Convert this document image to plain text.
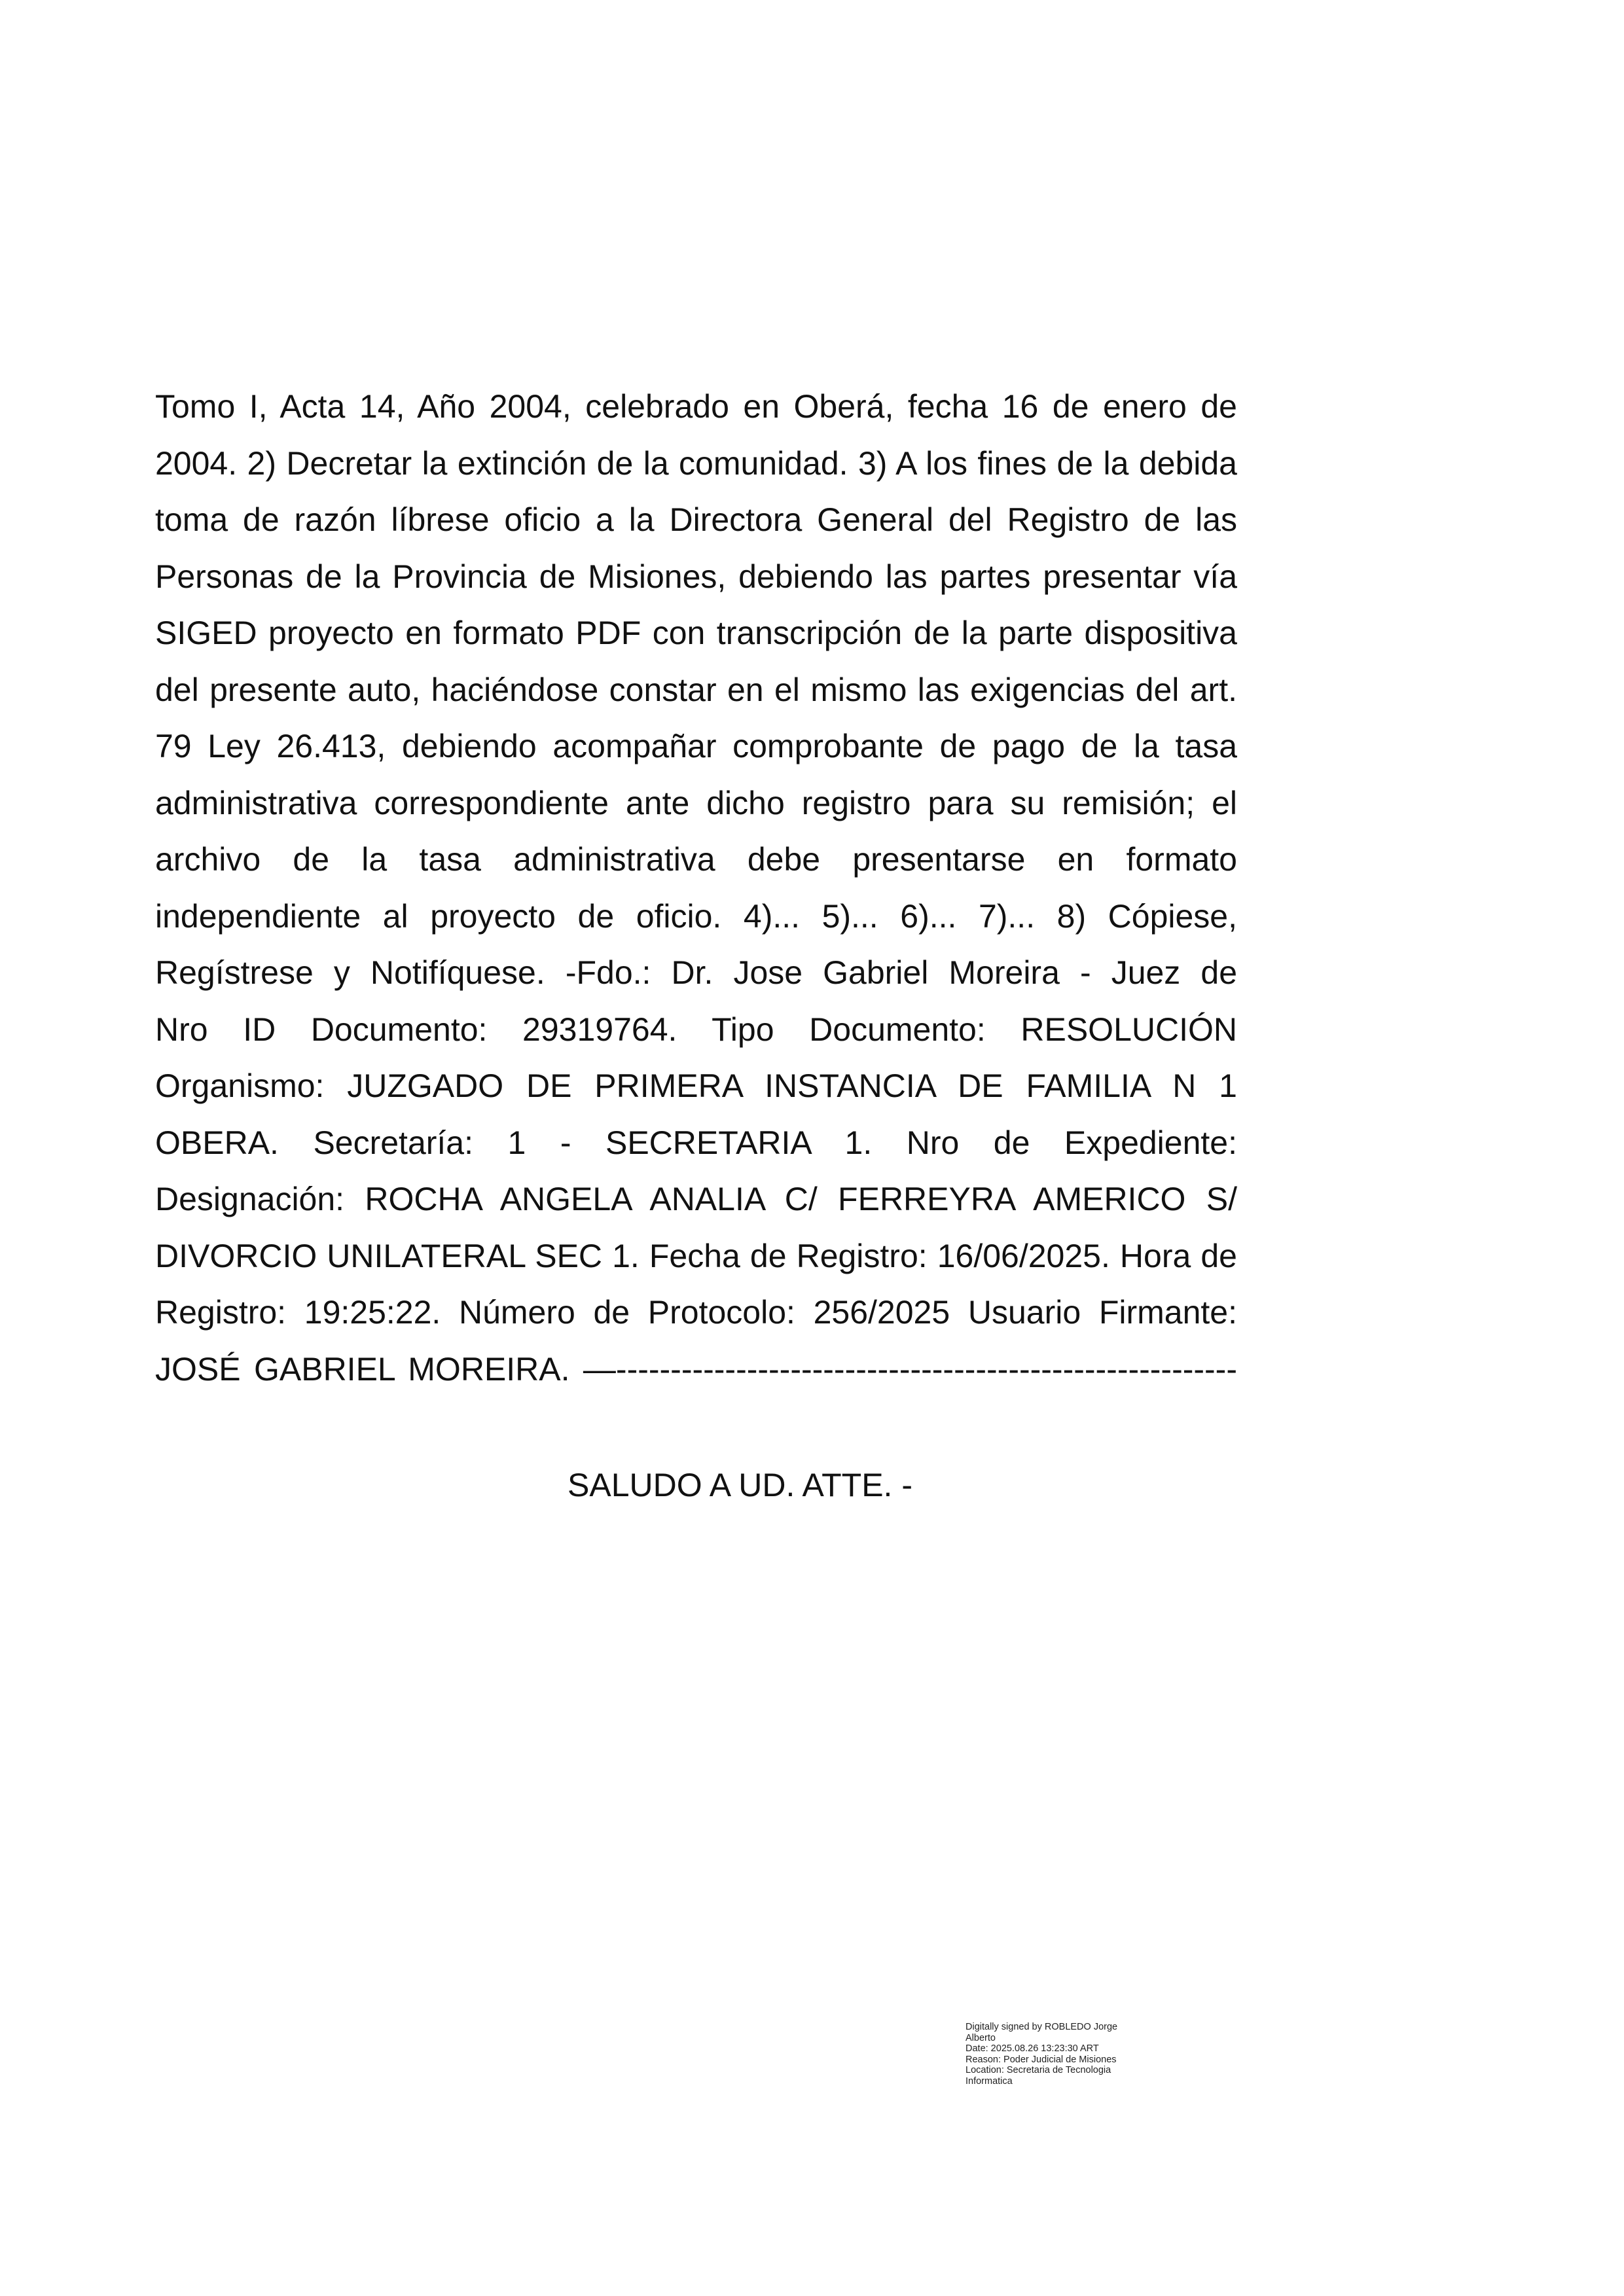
Tomo I, Acta 14, Año 2004, celebrado en Oberá, fecha 16 de enero de
2004. 2) Decretar la extinción de la comunidad. 3) A los fines de la debida
toma de razón líbrese oficio a la Directora General del Registro de las
Personas de la Provincia de Misiones, debiendo las partes presentar vía
SIGED proyecto en formato PDF con transcripción de la parte dispositiva
del presente auto, haciéndose constar en el mismo las exigencias del art.
79 Ley 26.413, debiendo acompañar comprobante de pago de la tasa
administrativa correspondiente ante dicho registro para su remisión; el
archivo de la tasa administrativa debe presentarse en formato
independiente al proyecto de oficio. 4)... 5)... 6)... 7)... 8) Cópiese,
Regístrese y Notifíquese. -Fdo.: Dr. Jose Gabriel Moreira - Juez de
Nro ID Documento: 29319764. Tipo Documento: RESOLUCIÓN
Organismo: JUZGADO DE PRIMERA INSTANCIA DE FAMILIA N 1
OBERA. Secretaría: 1 - SECRETARIA 1. Nro de Expediente:
Designación: ROCHA ANGELA ANALIA C/ FERREYRA AMERICO S/
DIVORCIO UNILATERAL SEC 1. Fecha de Registro: 16/06/2025. Hora de
Registro: 19:25:22. Número de Protocolo: 256/2025 Usuario Firmante:
JOSÉ GABRIEL MOREIRA. —---------------------------------------------------------
SALUDO A UD. ATTE. -
Digitally signed by ROBLEDO Jorge
Alberto
Date: 2025.08.26 13:23:30 ART
Reason: Poder Judicial de Misiones
Location: Secretaria de Tecnologia
Informatica
